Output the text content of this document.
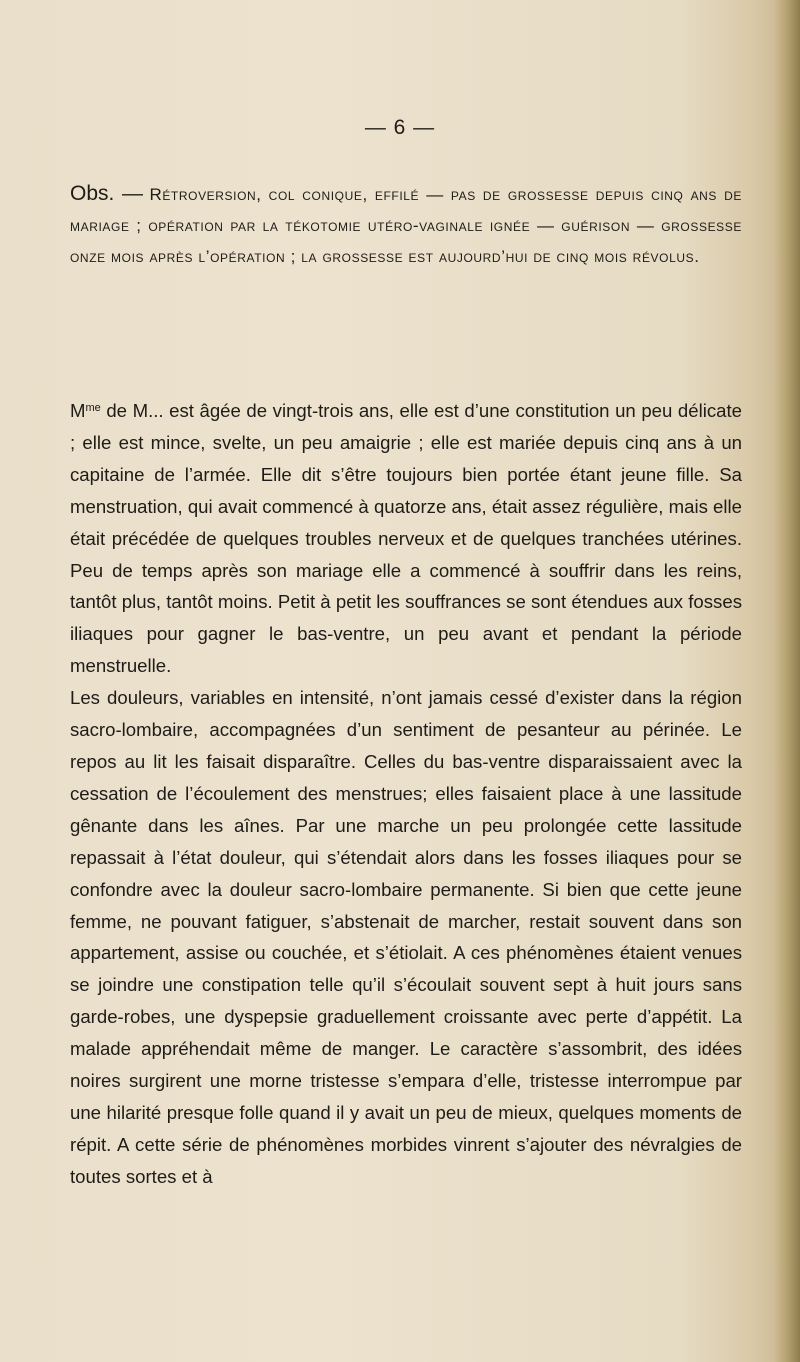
— 6 —
Obs. — Rétroversion, col conique, effilé — pas de grossesse depuis cinq ans de mariage ; opération par la tékotomie utéro-vaginale ignée — guérison — grossesse onze mois après l’opération ; la grossesse est aujourd’hui de cinq mois révolus.

$M^{me}$ de M... est âgée de vingt-trois ans, elle est d’une constitution un peu délicate ; elle est mince, svelte, un peu amaigrie ; elle est mariée depuis cinq ans à un capitaine de l’armée. Elle dit s’être toujours bien portée étant jeune fille. Sa menstruation, qui avait commencé à quatorze ans, était assez régulière, mais elle était précédée de quelques troubles nerveux et de quelques tranchées utérines. Peu de temps après son mariage elle a commencé à souffrir dans les reins, tantôt plus, tantôt moins. Petit à petit les souffrances se sont étendues aux fosses iliaques pour gagner le bas-ventre, un peu avant et pendant la période menstruelle.

Les douleurs, variables en intensité, n’ont jamais cessé d’exister dans la région sacro-lombaire, accompagnées d’un sentiment de pesanteur au périnée. Le repos au lit les faisait disparaître. Celles du bas-ventre disparaissaient avec la cessation de l’écoulement des menstrues; elles faisaient place à une lassitude gênante dans les aînes. Par une marche un peu prolongée cette lassitude repassait à l’état douleur, qui s’étendait alors dans les fosses iliaques pour se confondre avec la douleur sacro-lombaire permanente. Si bien que cette jeune femme, ne pouvant fatiguer, s’abstenait de marcher, restait souvent dans son appartement, assise ou couchée, et s’étiolait. A ces phénomènes étaient venues se joindre une constipation telle qu’il s’écoulait souvent sept à huit jours sans garde-robes, une dyspepsie graduellement croissante avec perte d’appétit. La malade appréhendait même de manger. Le caractère s’assombrit, des idées noires surgirent une morne tristesse s’empara d’elle, tristesse interrompue par une hilarité presque folle quand il y avait un peu de mieux, quelques moments de répit. A cette série de phénomènes morbides vinrent s’ajouter des névralgies de toutes sortes et à
